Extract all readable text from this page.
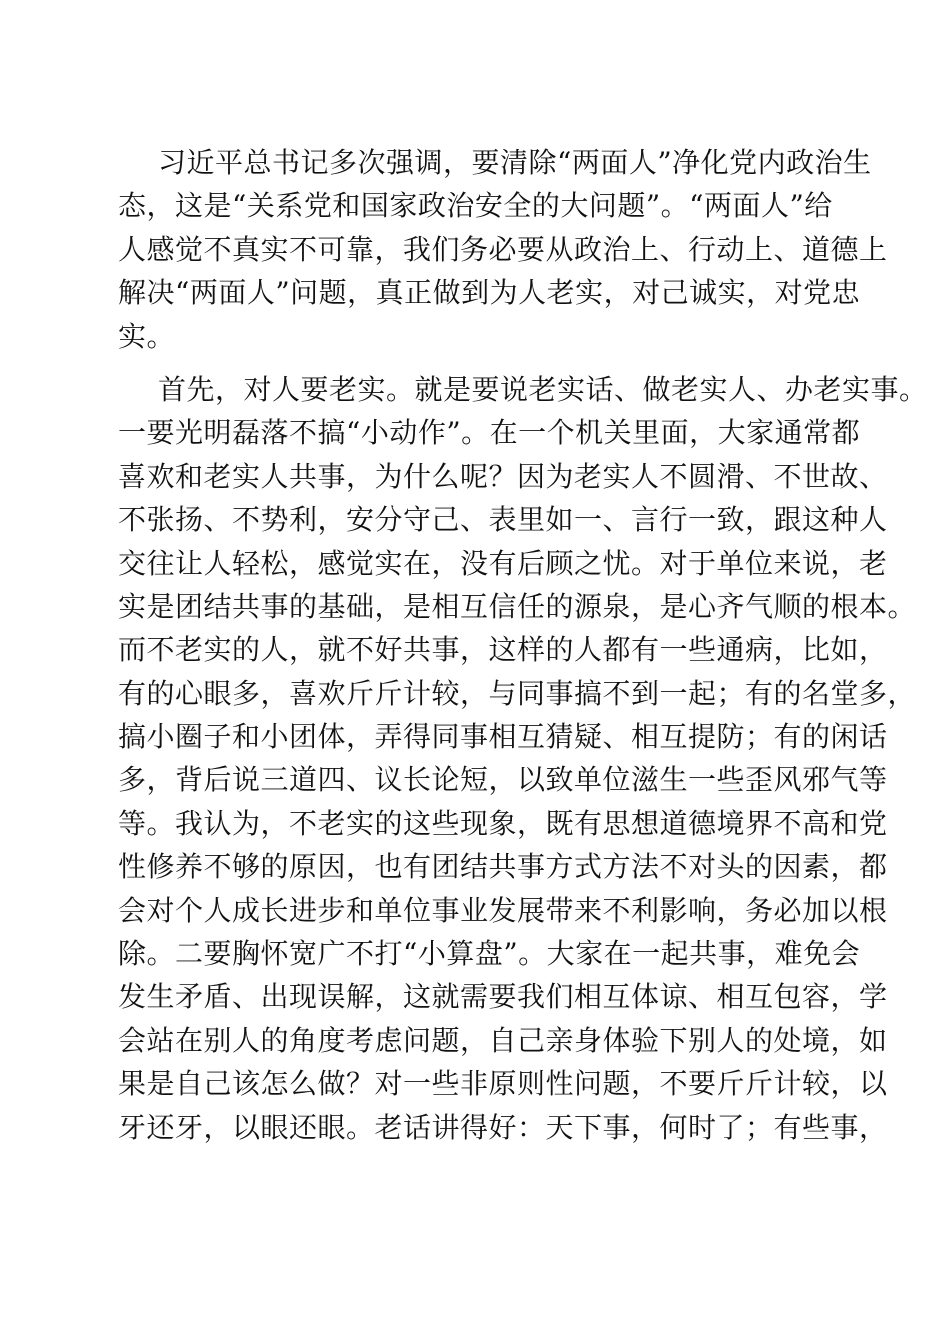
习近平总书记多次强调，要清除“两面人”净化党内政治生
态，这是“关系党和国家政治安全的大问题”。“两面人”给
人感觉不真实不可靠，我们务必要从政治上、行动上、道德上
解决“两面人”问题，真正做到为人老实，对己诚实，对党忠
实。
首先，对人要老实。就是要说老实话、做老实人、办老实事。
一要光明磊落不搞“小动作”。在一个机关里面，大家通常都
喜欢和老实人共事，为什么呢？因为老实人不圆滑、不世故、
不张扬、不势利，安分守己、表里如一、言行一致，跟这种人
交往让人轻松，感觉实在，没有后顾之忧。对于单位来说，老
实是团结共事的基础，是相互信任的源泉，是心齐气顺的根本。
而不老实的人，就不好共事，这样的人都有一些通病，比如，
有的心眼多，喜欢斤斤计较，与同事搞不到一起；有的名堂多，
搞小圈子和小团体，弄得同事相互猜疑、相互提防；有的闲话
多，背后说三道四、议长论短，以致单位滋生一些歪风邪气等
等。我认为，不老实的这些现象，既有思想道德境界不高和党
性修养不够的原因，也有团结共事方式方法不对头的因素，都
会对个人成长进步和单位事业发展带来不利影响，务必加以根
除。二要胸怀宽广不打“小算盘”。大家在一起共事，难免会
发生矛盾、出现误解，这就需要我们相互体谅、相互包容，学
会站在别人的角度考虑问题，自己亲身体验下别人的处境，如
果是自己该怎么做？对一些非原则性问题，不要斤斤计较，以
牙还牙，以眼还眼。老话讲得好：天下事，何时了；有些事，
